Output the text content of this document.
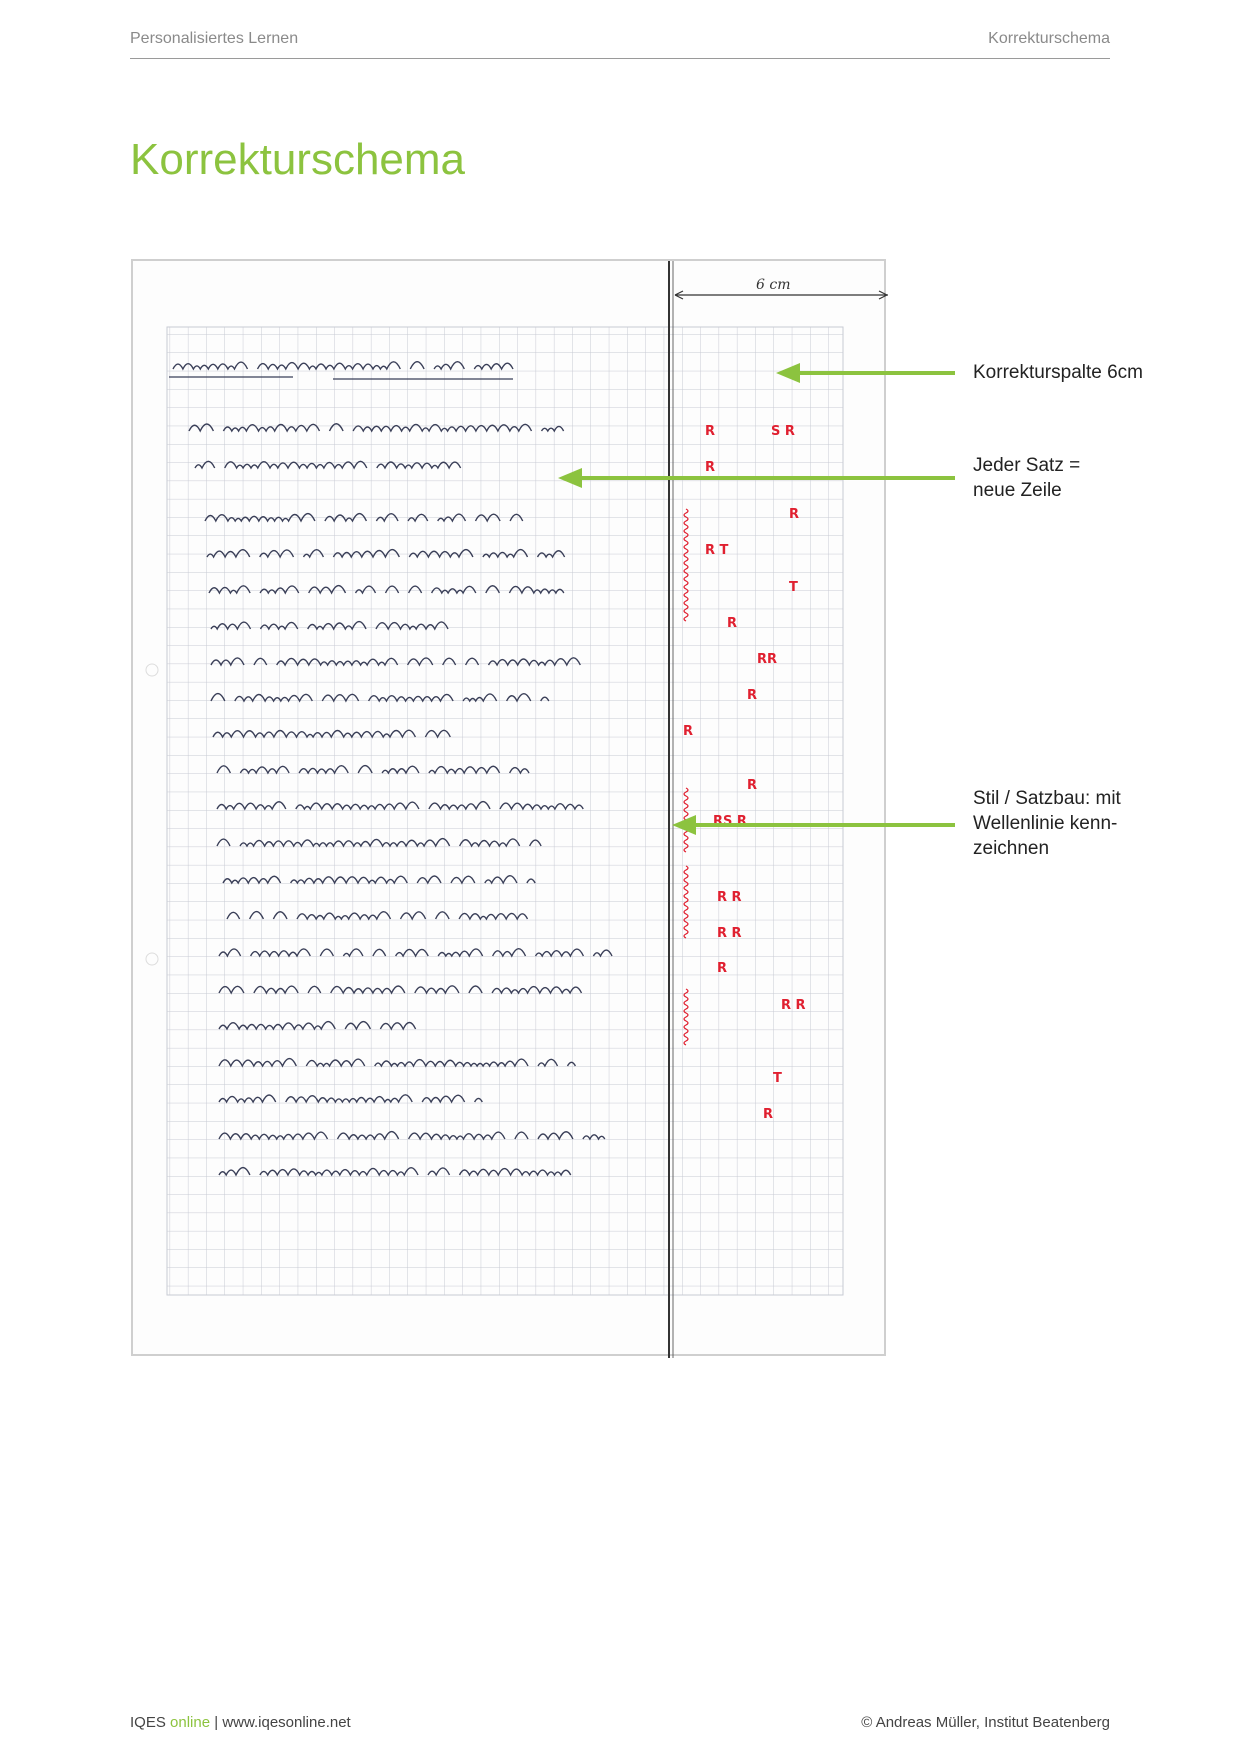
Personalisiertes Lernen	Korrekturschema
Korrekturschema
6 cm
R	S R
R
R
R T
T
R
RR
R
R
R
RS R
R R
R R
R
R R
T
R
Korrekturspalte 6cm
Jeder Satz =
neue Zeile
Stil / Satzbau: mit
Wellenlinie kenn-
zeichnen
IQES online | www.iqesonline.net	© Andreas Müller, Institut Beatenberg
